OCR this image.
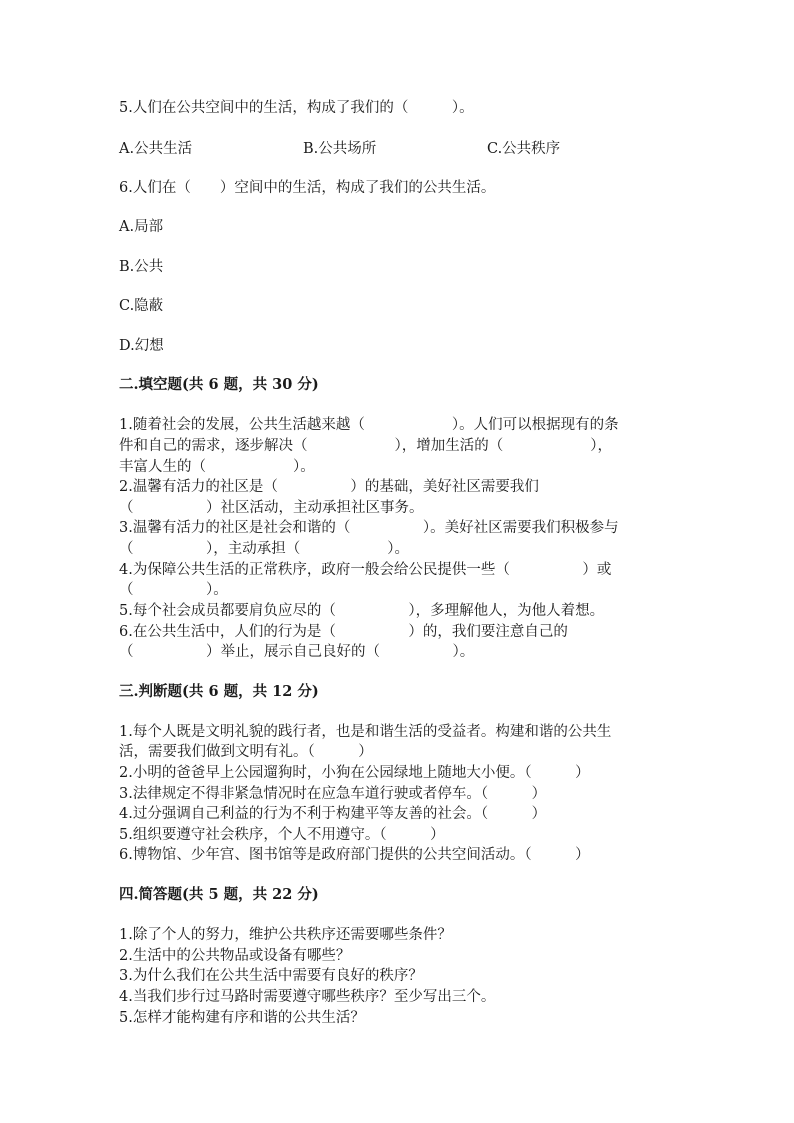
5.人们在公共空间中的生活，构成了我们的（　　　）。
A.公共生活	B.公共场所	C.公共秩序
6.人们在（　　）空间中的生活，构成了我们的公共生活。
A.局部
B.公共
C.隐蔽
D.幻想
二.填空题(共 6 题，共 30 分)
1.随着社会的发展，公共生活越来越（　　　　　　）。人们可以根据现有的条
件和自己的需求，逐步解决（　　　　　　），增加生活的（　　　　　　），
丰富人生的（　　　　　　）。
2.温馨有活力的社区是（　　　　　）的基础，美好社区需要我们
（　　　　　）社区活动，主动承担社区事务。
3.温馨有活力的社区是社会和谐的（　　　　　）。美好社区需要我们积极参与
（　　　　　），主动承担（　　　　　　）。
4.为保障公共生活的正常秩序，政府一般会给公民提供一些（　　　　　）或
（　　　　　）。
5.每个社会成员都要肩负应尽的（　　　　　），多理解他人，为他人着想。
6.在公共生活中，人们的行为是（　　　　　）的，我们要注意自己的
（　　　　　）举止，展示自己良好的（　　　　　）。
三.判断题(共 6 题，共 12 分)
1.每个人既是文明礼貌的践行者，也是和谐生活的受益者。构建和谐的公共生
活，需要我们做到文明有礼。（　　　）
2.小明的爸爸早上公园遛狗时，小狗在公园绿地上随地大小便。（　　　）
3.法律规定不得非紧急情况时在应急车道行驶或者停车。（　　　）
4.过分强调自己利益的行为不利于构建平等友善的社会。（　　　）
5.组织要遵守社会秩序，个人不用遵守。（　　　）
6.博物馆、少年宫、图书馆等是政府部门提供的公共空间活动。（　　　）
四.简答题(共 5 题，共 22 分)
1.除了个人的努力，维护公共秩序还需要哪些条件？
2.生活中的公共物品或设备有哪些？
3.为什么我们在公共生活中需要有良好的秩序？
4.当我们步行过马路时需要遵守哪些秩序？至少写出三个。
5.怎样才能构建有序和谐的公共生活？
